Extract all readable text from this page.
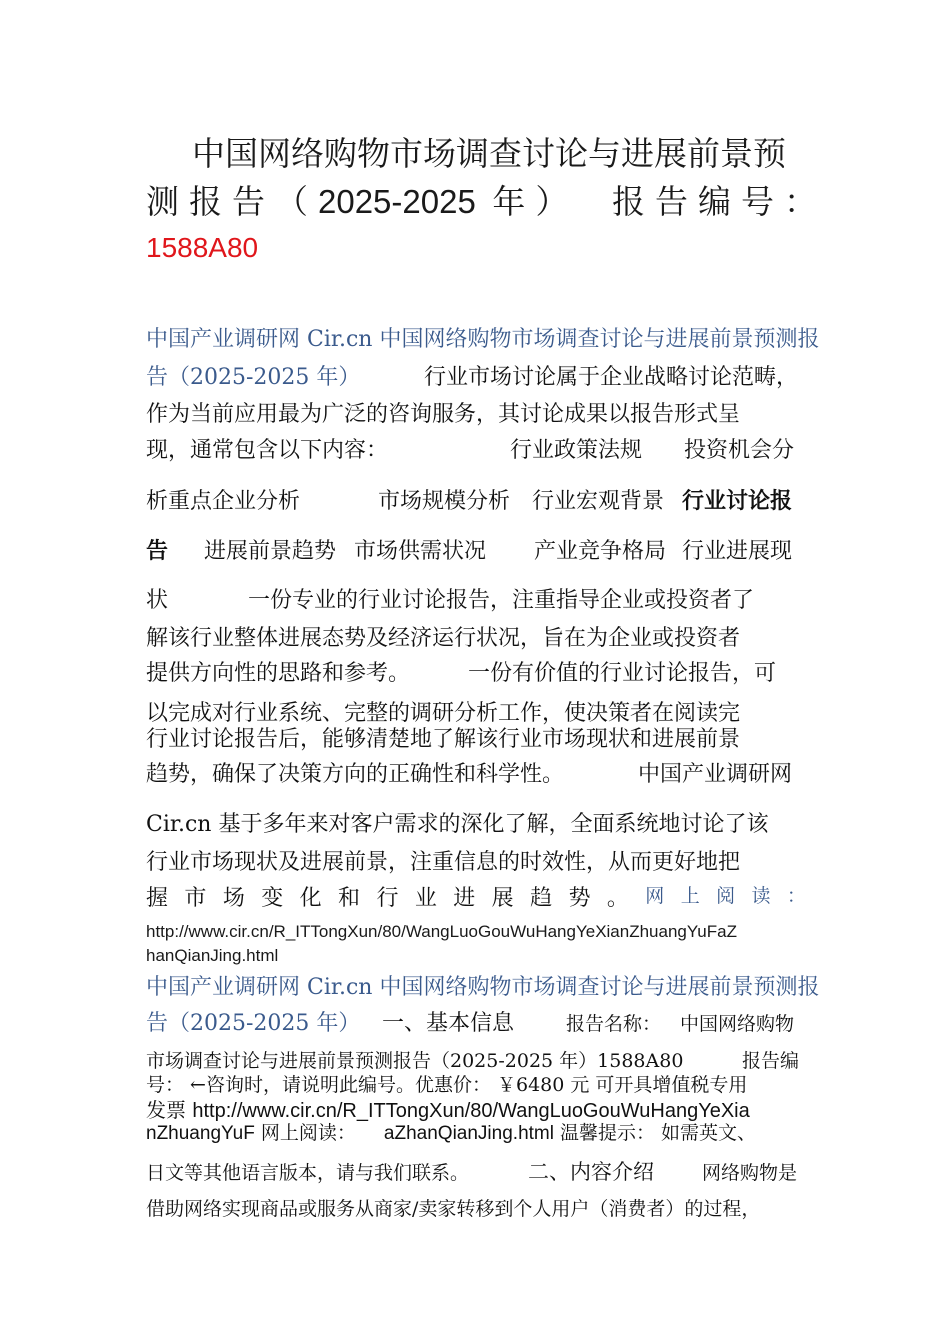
中国网络购物市场调查讨论与进展前景预
测报告（2025-2025 年） 报告编号：
1588A80
中国产业调研网 Cir.cn 中国网络购物市场调查讨论与进展前景预测报
告（2025-2025 年）	行业市场讨论属于企业战略讨论范畴，
作为当前应用最为广泛的咨询服务，其讨论成果以报告形式呈
现，通常包含以下内容：	行业政策法规 投资机会分
析重点企业分析	市场规模分析 行业宏观背景 行业讨论报
告 进展前景趋势 市场供需状况 产业竞争格局 行业进展现
状	一份专业的行业讨论报告，注重指导企业或投资者了
解该行业整体进展态势及经济运行状况，旨在为企业或投资者
提供方向性的思路和参考。	一份有价值的行业讨论报告，可
以完成对行业系统、完整的调研分析工作，使决策者在阅读完
行业讨论报告后，能够清楚地了解该行业市场现状和进展前景
趋势，确保了决策方向的正确性和科学性。	中国产业调研网
Cir.cn 基于多年来对客户需求的深化了解，全面系统地讨论了该
行业市场现状及进展前景，注重信息的时效性，从而更好地把
握 市 场 变 化 和 行 业 进 展 趋 势 。 网 上 阅 读 ：
http://www.cir.cn/R_ITTongXun/80/WangLuoGouWuHangYeXianZhuangYuFaZ
hanQianJing.html
中国产业调研网 Cir.cn 中国网络购物市场调查讨论与进展前景预测报
告（2025-2025 年） 一、基本信息	报告名称： 中国网络购物
市场调查讨论与进展前景预测报告（2025-2025 年）1588A80	报告编
号： ←咨询时，请说明此编号。优惠价： ￥6480 元 可开具增值税专用
发票 http://www.cir.cn/R_ITTongXun/80/WangLuoGouWuHangYeXia
nZhuangYuF 网上阅读： aZhanQianJing.html 温馨提示： 如需英文、
日文等其他语言版本，请与我们联系。	二、内容介绍	网络购物是
借助网络实现商品或服务从商家/卖家转移到个人用户（消费者）的过程，
